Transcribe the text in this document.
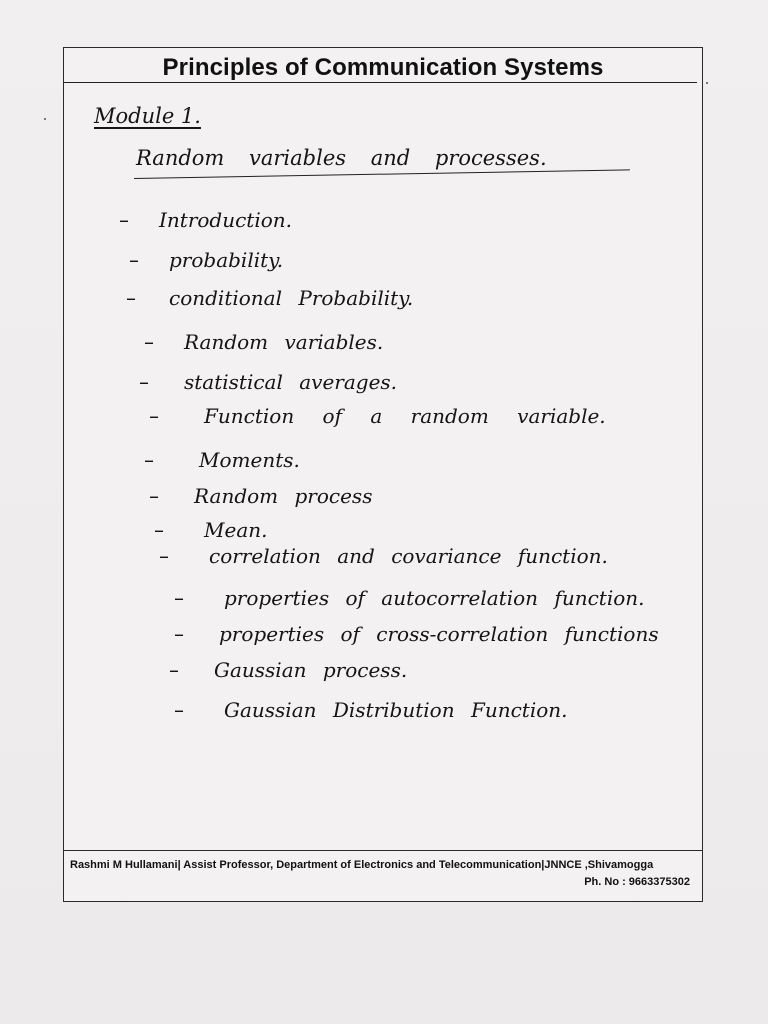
Principles of Communication Systems
Module 1.
Random variables and processes.
– Introduction.
– probability.
– conditional Probability.
– Random variables.
– statistical averages.
– Function of a random variable.
– Moments.
– Random process
– Mean.
– correlation and covariance function.
– properties of autocorrelation function.
– properties of cross-correlation functions
– Gaussian process.
– Gaussian Distribution Function.
Rashmi M Hullamani| Assist Professor, Department of Electronics and Telecommunication|JNNCE ,Shivamogga
Ph. No : 9663375302
